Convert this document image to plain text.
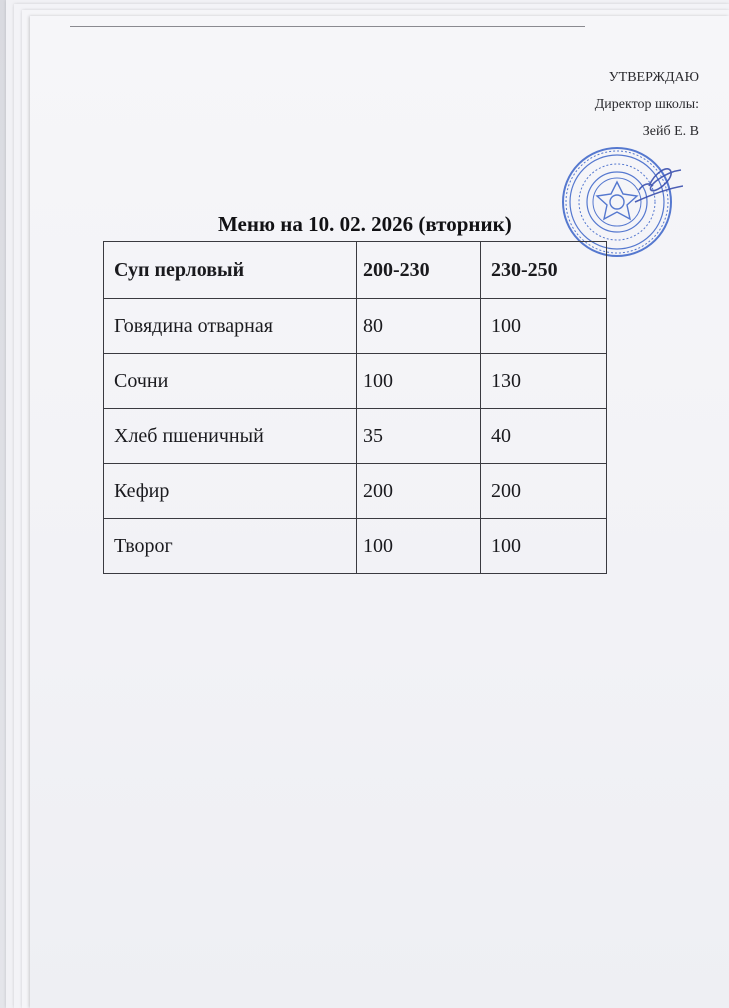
УТВЕРЖДАЮ
Директор школы:
Зейб Е. В
Меню на 10. 02. 2026 (вторник)
Суп перловый	200-230	230-250
Говядина отварная	80	100
Сочни	100	130
Хлеб пшеничный	35	40
Кефир	200	200
Творог	100	100
